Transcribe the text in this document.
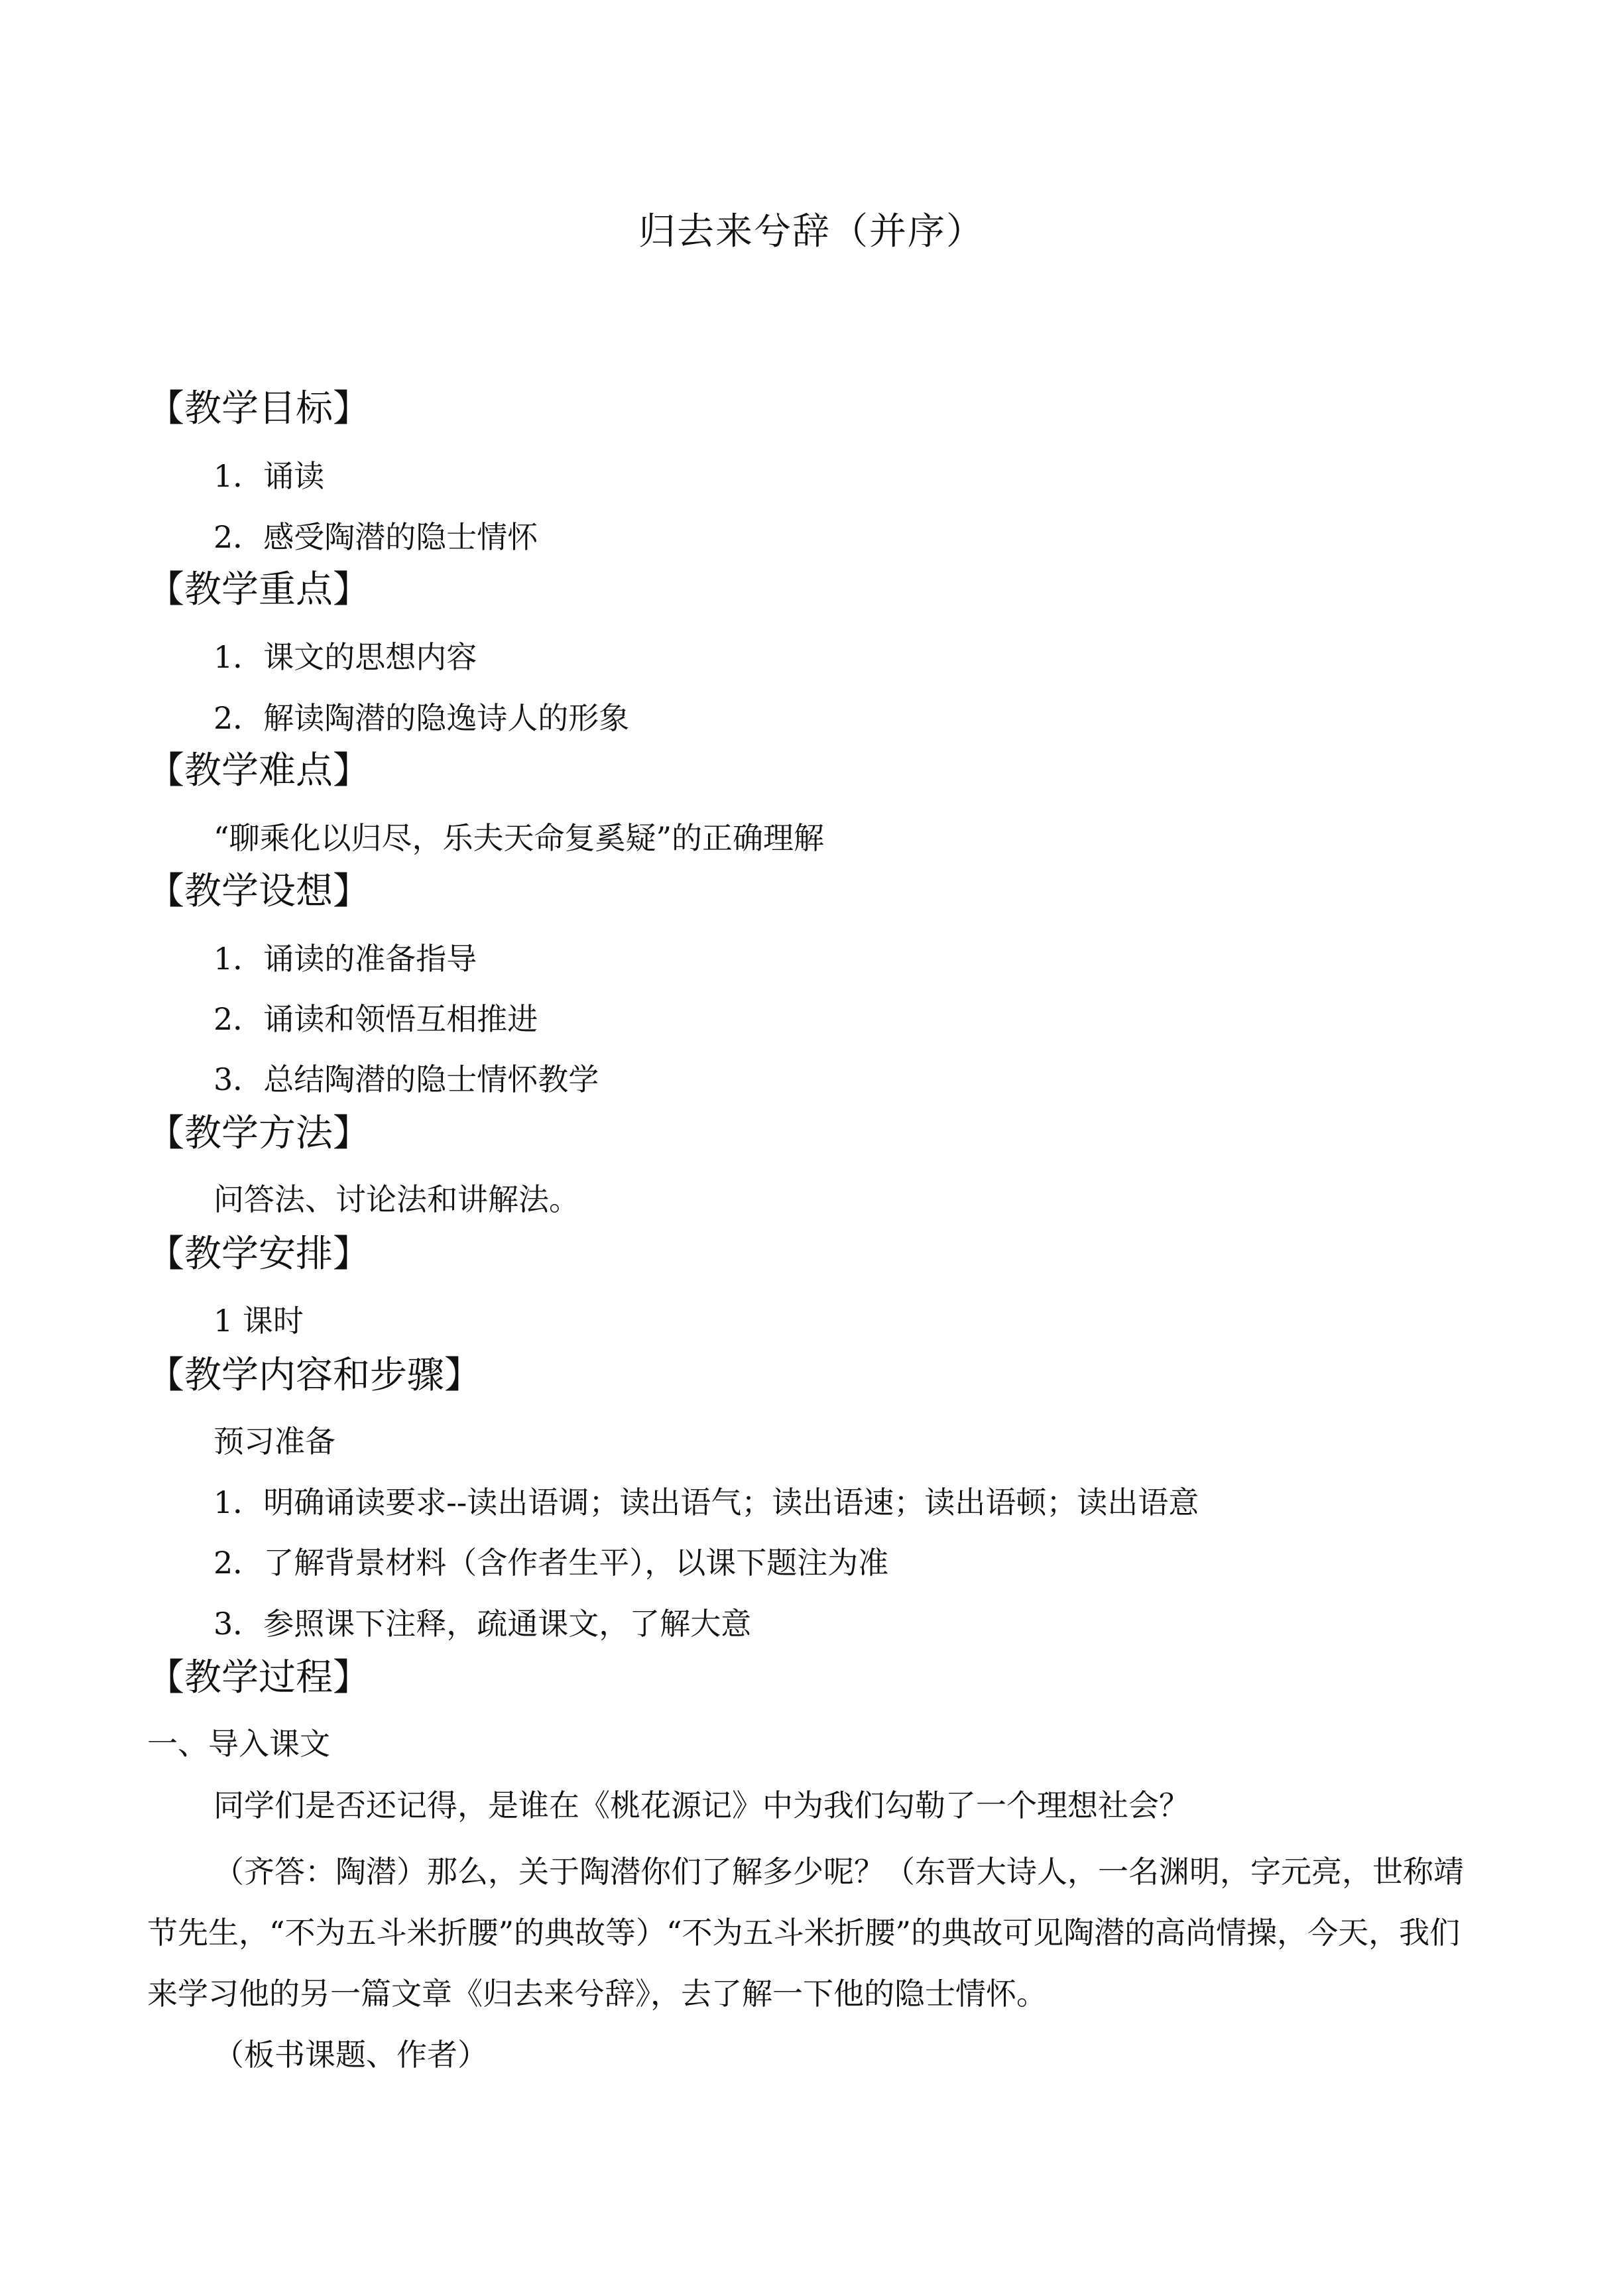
归去来兮辞（并序）
【教学目标】
1．诵读
2．感受陶潜的隐士情怀
【教学重点】
1．课文的思想内容
2．解读陶潜的隐逸诗人的形象
【教学难点】
“聊乘化以归尽，乐夫天命复奚疑”的正确理解
【教学设想】
1．诵读的准备指导
2．诵读和领悟互相推进
3．总结陶潜的隐士情怀教学
【教学方法】
问答法、讨论法和讲解法。
【教学安排】
1 课时
【教学内容和步骤】
预习准备
1．明确诵读要求--读出语调；读出语气；读出语速；读出语顿；读出语意
2．了解背景材料（含作者生平），以课下题注为准
3．参照课下注释，疏通课文，了解大意
【教学过程】
一、导入课文
同学们是否还记得，是谁在《桃花源记》中为我们勾勒了一个理想社会？
（齐答：陶潜）那么，关于陶潜你们了解多少呢？（东晋大诗人，一名渊明，字元亮，世称靖节先生，“不为五斗米折腰”的典故等）“不为五斗米折腰”的典故可见陶潜的高尚情操，今天，我们来学习他的另一篇文章《归去来兮辞》，去了解一下他的隐士情怀。
（板书课题、作者）
